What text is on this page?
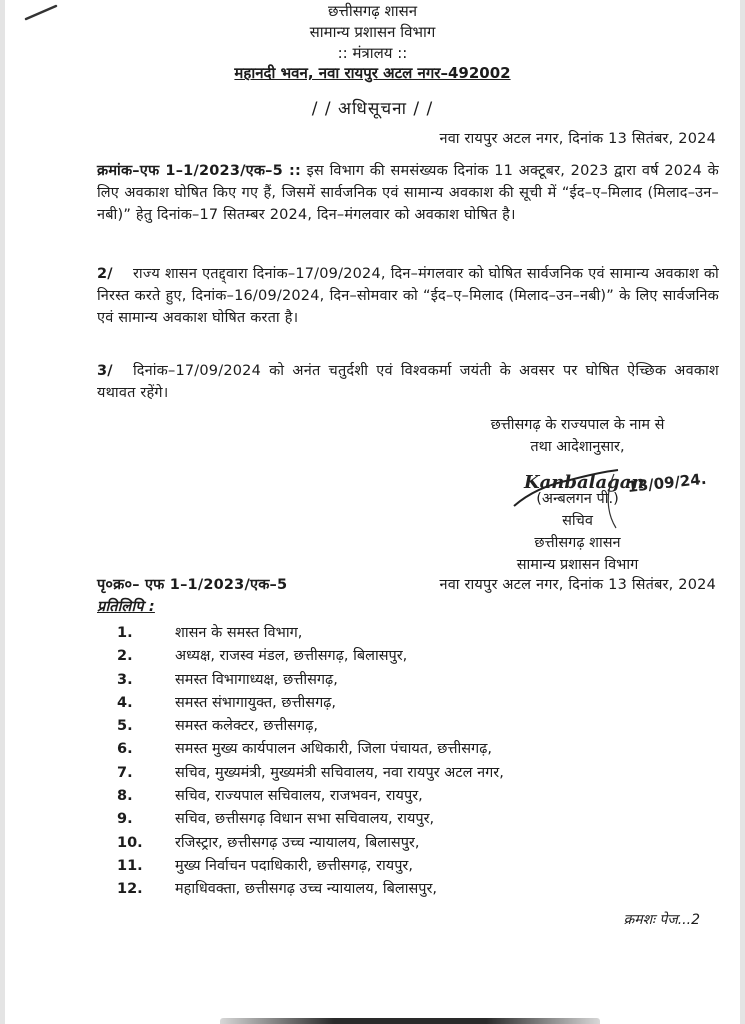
छत्तीसगढ़ शासन
सामान्य प्रशासन विभाग
:: मंत्रालय ::
महानदी भवन, नवा रायपुर अटल नगर–492002
/ / अधिसूचना / /
नवा रायपुर अटल नगर, दिनांक 13 सितंबर, 2024
क्रमांक–एफ 1–1/2023/एक–5 :: इस विभाग की समसंख्यक दिनांक 11 अक्टूबर, 2023 द्वारा वर्ष 2024 के लिए अवकाश घोषित किए गए हैं, जिसमें सार्वजनिक एवं सामान्य अवकाश की सूची में “ईद–ए–मिलाद (मिलाद–उन–नबी)” हेतु दिनांक–17 सितम्बर 2024, दिन–मंगलवार को अवकाश घोषित है।
2/ राज्य शासन एतद्द्वारा दिनांक–17/09/2024, दिन–मंगलवार को घोषित सार्वजनिक एवं सामान्य अवकाश को निरस्त करते हुए, दिनांक–16/09/2024, दिन–सोमवार को “ईद–ए–मिलाद (मिलाद–उन–नबी)” के लिए सार्वजनिक एवं सामान्य अवकाश घोषित करता है।
3/ दिनांक–17/09/2024 को अनंत चतुर्दशी एवं विश्वकर्मा जयंती के अवसर पर घोषित ऐच्छिक अवकाश यथावत रहेंगे।
छत्तीसगढ़ के राज्यपाल के नाम से
तथा आदेशानुसार,
Kanbalagan
13/09/24.
(अन्बलगन पी.)
सचिव
छत्तीसगढ़ शासन
सामान्य प्रशासन विभाग
पृ०क्र०– एफ 1–1/2023/एक–5	नवा रायपुर अटल नगर, दिनांक 13 सितंबर, 2024
प्रतिलिपि :
1.	शासन के समस्त विभाग,
2.	अध्यक्ष, राजस्व मंडल, छत्तीसगढ़, बिलासपुर,
3.	समस्त विभागाध्यक्ष, छत्तीसगढ़,
4.	समस्त संभागायुक्त, छत्तीसगढ़,
5.	समस्त कलेक्टर, छत्तीसगढ़,
6.	समस्त मुख्य कार्यपालन अधिकारी, जिला पंचायत, छत्तीसगढ़,
7.	सचिव, मुख्यमंत्री, मुख्यमंत्री सचिवालय, नवा रायपुर अटल नगर,
8.	सचिव, राज्यपाल सचिवालय, राजभवन, रायपुर,
9.	सचिव, छत्तीसगढ़ विधान सभा सचिवालय, रायपुर,
10. रजिस्ट्रार, छत्तीसगढ़ उच्च न्यायालय, बिलासपुर,
11. मुख्य निर्वाचन पदाधिकारी, छत्तीसगढ़, रायपुर,
12. महाधिवक्ता, छत्तीसगढ़ उच्च न्यायालय, बिलासपुर,
क्रमशः पेज...2
